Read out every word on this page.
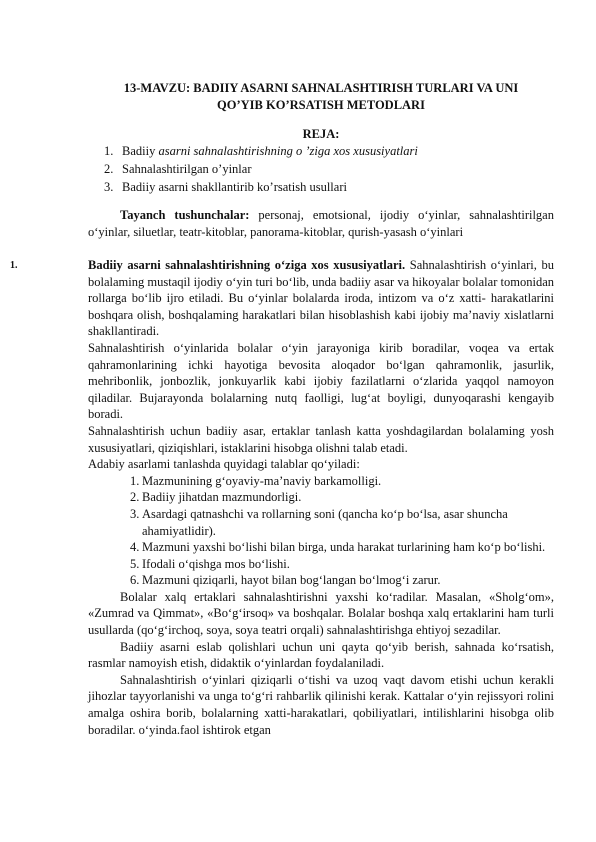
13-MAVZU: BADIIY ASARNI SAHNALASHTIRISH TURLARI VA UNI
QO’YIB KO’RSATISH METODLARI
REJA:
1. Badiiy asarni sahnalashtirishning o ’ziga xos xususiyatlari
2. Sahnalashtirilgan o’yinlar
3. Badiiy asarni shakllantirib ko’rsatish usullari

Tayanch tushunchalar: personaj, emotsional, ijodiy o‘yinlar, sahnalashtirilgan o‘yinlar, siluetlar, teatr-kitoblar, panorama-kitoblar, qurish-yasash o‘yinlari

1.	Badiiy asarni sahnalashtirishning o‘ziga xos xususiyatlari. Sahnalashtirish o‘yinlari, bu bolalaming mustaqil ijodiy o‘yin turi bo‘lib, unda badiiy asar va hikoyalar bolalar tomonidan rollarga bo‘lib ijro etiladi. Bu o‘yinlar bolalarda iroda, intizom va o‘z xatti- harakatlarini boshqara olish, boshqalaming harakatlari bilan hisoblashish kabi ijobiy ma’naviy xislatlarni shakllantiradi.

Sahnalashtirish o‘yinlarida bolalar o‘yin jarayoniga kirib boradilar, voqea va ertak qahramonlarining ichki hayotiga bevosita aloqador bo‘lgan qahramonlik, jasurlik, mehribonlik, jonbozlik, jonkuyarlik kabi ijobiy fazilatlarni o‘zlarida yaqqol namoyon qiladilar. Bujarayonda bolalarning nutq faolligi, lug‘at boyligi, dunyoqarashi kengayib boradi.

Sahnalashtirish uchun badiiy asar, ertaklar tanlash katta yoshdagilardan bolalaming yosh xususiyatlari, qiziqishlari, istaklarini hisobga olishni talab etadi.

Adabiy asarlami tanlashda quyidagi talablar qo‘yiladi:

1. Mazmunining g‘oyaviy-ma’naviy barkamolligi.
2. Badiiy jihatdan mazmundorligi.
3. Asardagi qatnashchi va rollarning soni (qancha ko‘p bo‘lsa, asar shuncha ahamiyatlidir).
4. Mazmuni yaxshi bo‘lishi bilan birga, unda harakat turlarining ham ko‘p bo‘lishi.
5. Ifodali o‘qishga mos bo‘lishi.
6. Mazmuni qiziqarli, hayot bilan bog‘langan bo‘lmog‘i zarur.

Bolalar xalq ertaklari sahnalashtirishni yaxshi ko‘radilar. Masalan, «Sholg‘om», «Zumrad va Qimmat», «Bo‘g‘irsoq» va boshqalar. Bolalar boshqa xalq ertaklarini ham turli usullarda (qo‘g‘irchoq, soya, soya teatri orqali) sahnalashtirishga ehtiyoj sezadilar.

Badiiy asarni eslab qolishlari uchun uni qayta qo‘yib berish, sahnada ko‘rsatish, rasmlar namoyish etish, didaktik o‘yinlardan foydalaniladi.

Sahnalashtirish o‘yinlari qiziqarli o‘tishi va uzoq vaqt davom etishi uchun kerakli jihozlar tayyorlanishi va unga to‘g‘ri rahbarlik qilinishi kerak. Kattalar o‘yin rejissyori rolini amalga oshira borib, bolalarning xatti-harakatlari, qobiliyatlari, intilishlarini hisobga olib boradilar. o‘yinda.faol ishtirok etgan
